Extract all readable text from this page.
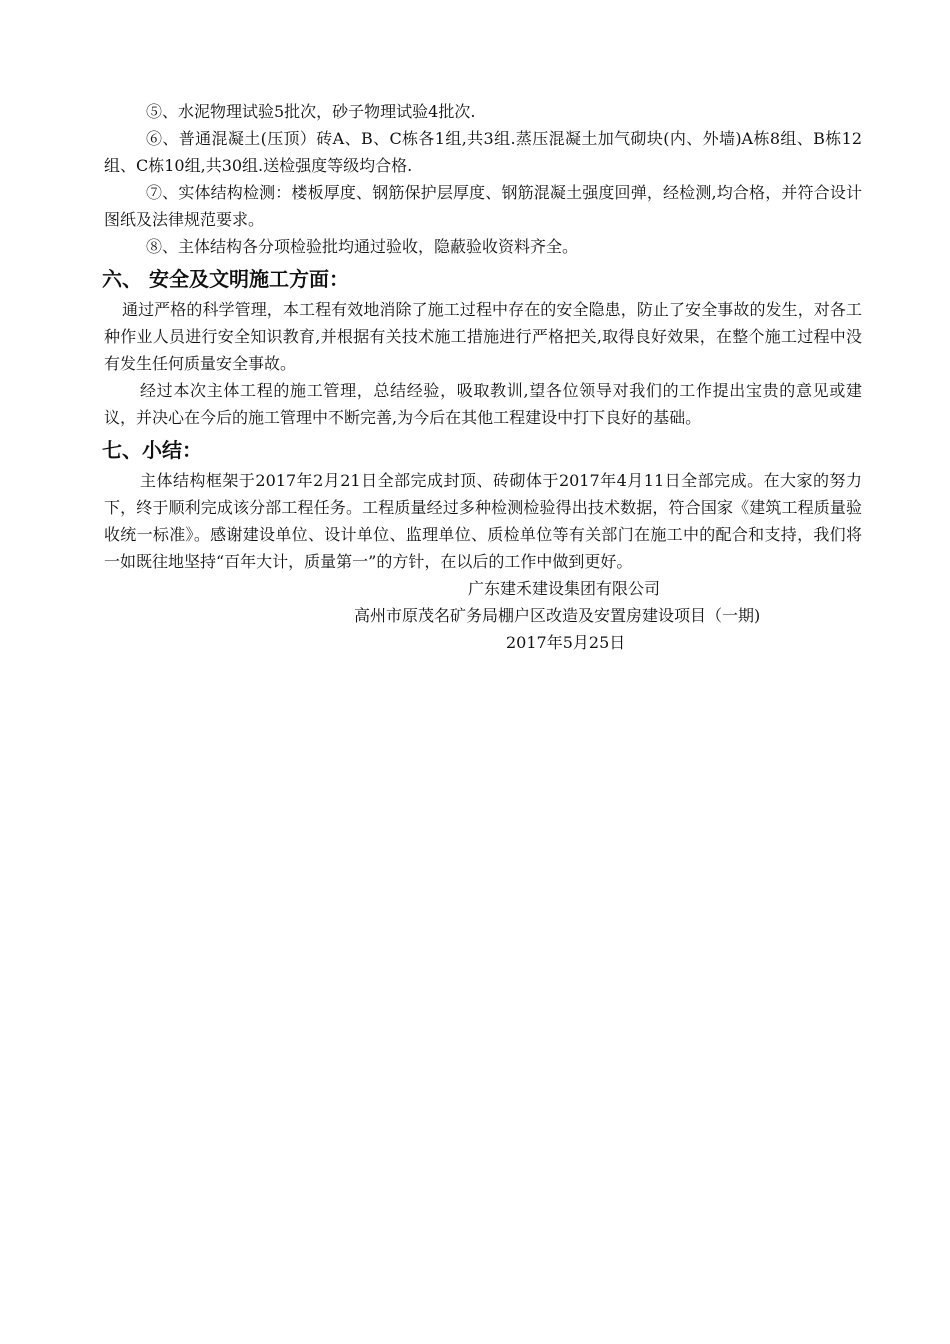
⑤、水泥物理试验5批次，砂子物理试验4批次.

⑥、普通混凝土(压顶）砖A、B、C栋各1组,共3组.蒸压混凝土加气砌块(内、外墙)A栋8组、B栋12组、C栋10组,共30组.送检强度等级均合格.

⑦、实体结构检测：楼板厚度、钢筋保护层厚度、钢筋混凝土强度回弹，经检测,均合格，并符合设计图纸及法律规范要求。

⑧、主体结构各分项检验批均通过验收，隐蔽验收资料齐全。

六、 安全及文明施工方面：

通过严格的科学管理，本工程有效地消除了施工过程中存在的安全隐患，防止了安全事故的发生，对各工种作业人员进行安全知识教育,并根据有关技术施工措施进行严格把关,取得良好效果，在整个施工过程中没有发生任何质量安全事故。

经过本次主体工程的施工管理，总结经验，吸取教训,望各位领导对我们的工作提出宝贵的意见或建议，并决心在今后的施工管理中不断完善,为今后在其他工程建设中打下良好的基础。

七、小结：

主体结构框架于2017年2月21日全部完成封顶、砖砌体于2017年4月11日全部完成。在大家的努力下，终于顺利完成该分部工程任务。工程质量经过多种检测检验得出技术数据，符合国家《建筑工程质量验收统一标准》。感谢建设单位、设计单位、监理单位、质检单位等有关部门在施工中的配合和支持，我们将一如既往地坚持“百年大计，质量第一”的方针，在以后的工作中做到更好。

广东建禾建设集团有限公司
高州市原茂名矿务局棚户区改造及安置房建设项目（一期)
2017年5月25日
